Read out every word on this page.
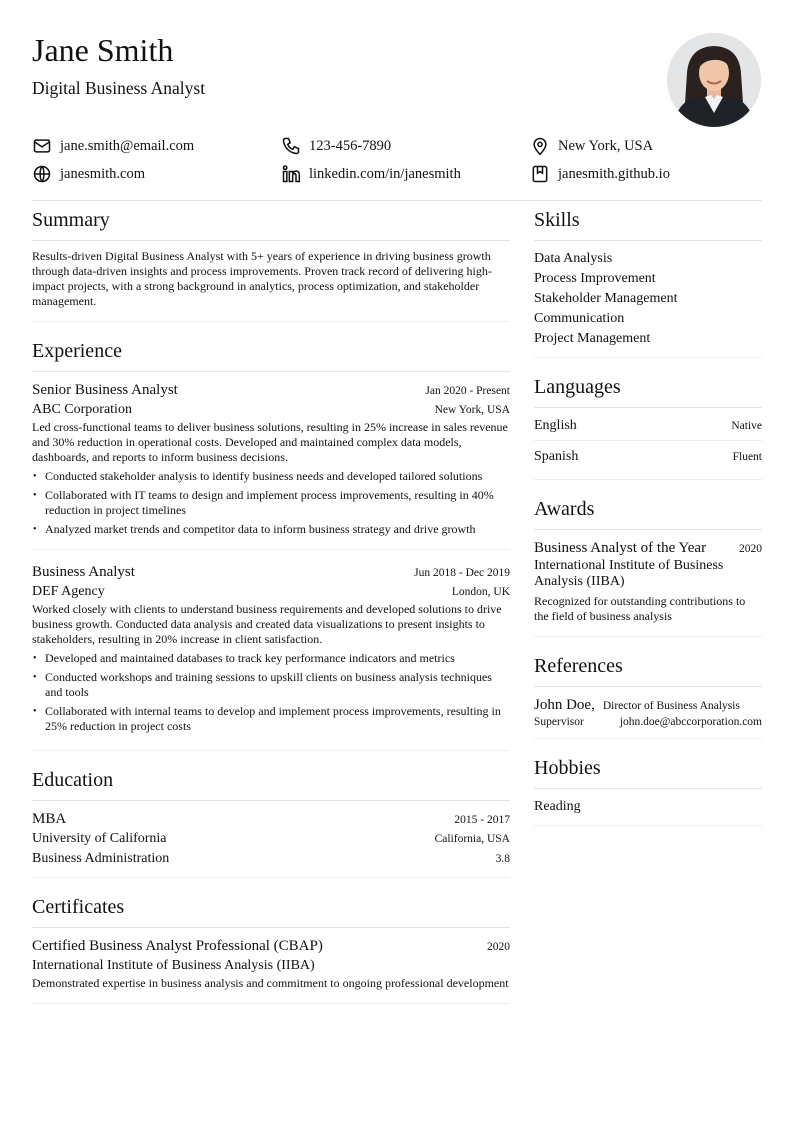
Jane Smith
Digital Business Analyst
jane.smith@email.com	123-456-7890	New York, USA
janesmith.com	linkedin.com/in/janesmith	janesmith.github.io
Summary

Results-driven Digital Business Analyst with 5+ years of experience in driving business growth through data-driven insights and process improvements. Proven track record of delivering high-impact projects, with a strong background in analytics, process optimization, and stakeholder management.

Experience
Senior Business Analyst	Jan 2020 - Present
ABC Corporation	New York, USA

Led cross-functional teams to deliver business solutions, resulting in 25% increase in sales revenue and 30% reduction in operational costs. Developed and maintained complex data models, dashboards, and reports to inform business decisions.

• Conducted stakeholder analysis to identify business needs and developed tailored solutions
• Collaborated with IT teams to design and implement process improvements, resulting in 40% reduction in project timelines
• Analyzed market trends and competitor data to inform business strategy and drive growth
Business Analyst	Jun 2018 - Dec 2019
DEF Agency	London, UK

Worked closely with clients to understand business requirements and developed solutions to drive business growth. Conducted data analysis and created data visualizations to present insights to stakeholders, resulting in 20% increase in client satisfaction.

• Developed and maintained databases to track key performance indicators and metrics
• Conducted workshops and training sessions to upskill clients on business analysis techniques and tools
• Collaborated with internal teams to develop and implement process improvements, resulting in 25% reduction in project costs
Education
MBA	2015 - 2017
University of California	California, USA
Business Administration	3.8
Certificates
Certified Business Analyst Professional (CBAP)	2020
International Institute of Business Analysis (IIBA)

Demonstrated expertise in business analysis and commitment to ongoing professional development

Skills
Data Analysis
Process Improvement
Stakeholder Management
Communication
Project Management
Languages
English	Native
Spanish	Fluent
Awards
Business Analyst of the Year	2020
International Institute of Business Analysis (IIBA)

Recognized for outstanding contributions to the field of business analysis

References
John Doe, Director of Business Analysis
Supervisor	john.doe@abccorporation.com
Hobbies
Reading
